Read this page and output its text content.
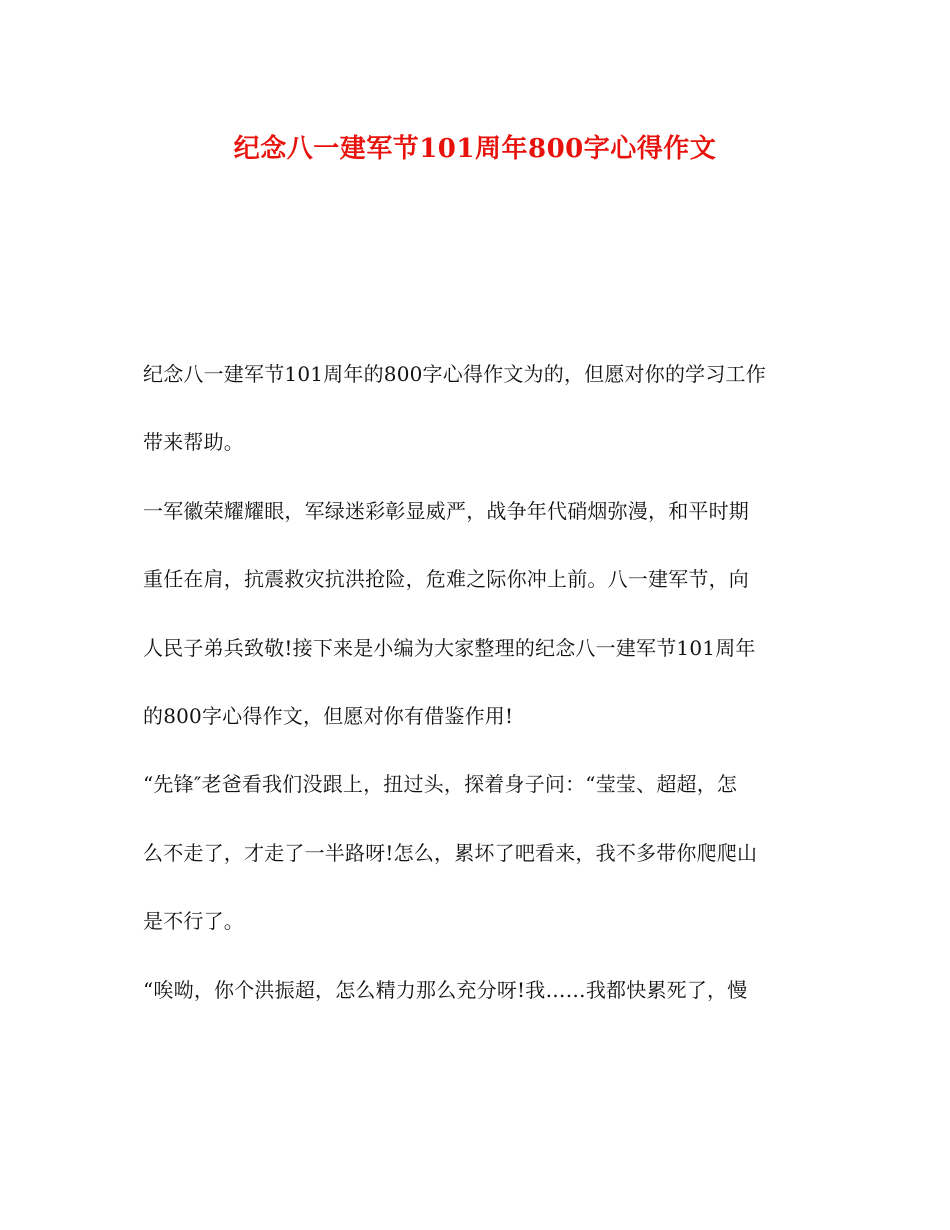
纪念八一建军节101周年800字心得作文
纪念八一建军节101周年的800字心得作文为的，但愿对你的学习工作
带来帮助。
一军徽荣耀耀眼，军绿迷彩彰显威严，战争年代硝烟弥漫，和平时期
重任在肩，抗震救灾抗洪抢险，危难之际你冲上前。八一建军节，向
人民子弟兵致敬!接下来是小编为大家整理的纪念八一建军节101周年
的800字心得作文，但愿对你有借鉴作用!
“先锋″老爸看我们没跟上，扭过头，探着身子问：“莹莹、超超，怎
么不走了，才走了一半路呀!怎么，累坏了吧看来，我不多带你爬爬山
是不行了。
“唉呦，你个洪振超，怎么精力那么充分呀!我……我都快累死了，慢
